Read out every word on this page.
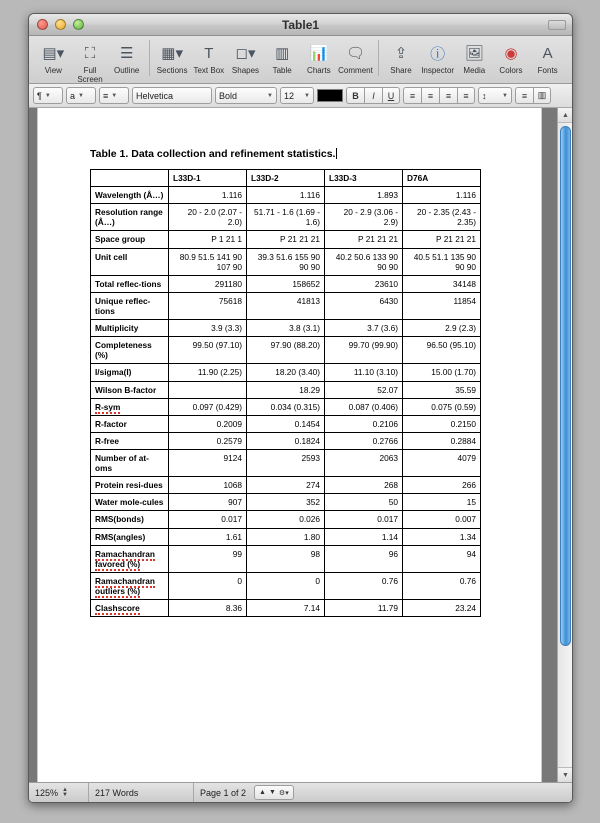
Table1
▤▾
View
⛶
Full Screen
☰
Outline
▦▾
Sections
T
Text Box
◻▾
Shapes
▥
Table
📊
Charts
🗨
Comment
⇪
Share
ⓘ
Inspector
🖼
Media
◉
Colors
A
Fonts
¶ ▼ a ▼ ≡ ▼ Helvetica	Bold	▼ 12 ▼	B	I	U	≡	≡	≡	≡	↕	▼	≡	▥
Table 1. Data collection and refinement statistics.
	L33D-1	L33D-2	L33D-3	D76A
Wavelength (Å…)	1.116	1.116	1.893	1.116
Resolution range (Å…)	20 - 2.0 (2.07 - 2.0)	51.71 - 1.6 (1.69 - 1.6)	20 - 2.9 (3.06 - 2.9)	20 - 2.35 (2.43 - 2.35)
Space group	P 1 21 1	P 21 21 21	P 21 21 21	P 21 21 21
Unit cell	80.9 51.5 141 90 107 90	39.3 51.6 155 90 90 90	40.2 50.6 133 90 90 90	40.5 51.1 135 90 90 90
Total reflec-tions	291180	158652	23610	34148
Unique reflec-tions	75618	41813	6430	11854
Multiplicity	3.9 (3.3)	3.8 (3.1)	3.7 (3.6)	2.9 (2.3)
Completeness (%)	99.50 (97.10)	97.90 (88.20)	99.70 (99.90)	96.50 (95.10)
I/sigma(I)	11.90 (2.25)	18.20 (3.40)	11.10 (3.10)	15.00 (1.70)
Wilson B-factor		18.29	52.07	35.59
R-sym	0.097 (0.429)	0.034 (0.315)	0.087 (0.406)	0.075 (0.59)
R-factor	0.2009	0.1454	0.2106	0.2150
R-free	0.2579	0.1824	0.2766	0.2884
Number of at-oms	9124	2593	2063	4079
Protein resi-dues	1068	274	268	266
Water mole-cules	907	352	50	15
RMS(bonds)	0.017	0.026	0.017	0.007
RMS(angles)	1.61	1.80	1.14	1.34
Ramachandran favored (%)	99	98	96	94
Ramachandran outliers (%)	0	0	0.76	0.76
Clashscore	8.36	7.14	11.79	23.24
▲
▼
125% ▲
▼	217 Words	Page 1 of 2 ▲ ▼ ⚙▾
